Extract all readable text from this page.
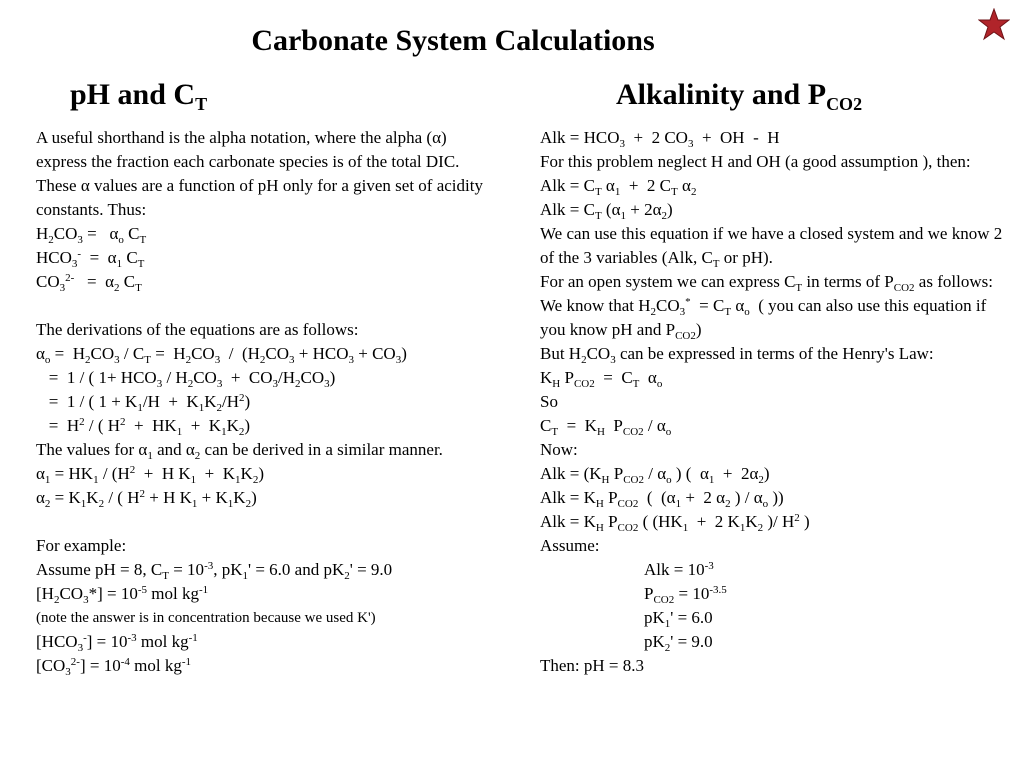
Carbonate System Calculations
pH and $C_T$	Alkalinity and $P_{CO2}$
A useful shorthand is the alpha notation, where the alpha (α) express the fraction each carbonate species is of the total DIC. These α values are a function of pH only for a given set of acidity constants. Thus:
$H_2CO_3 = \alpha_o$ $C_T$
$HCO_3^- = \alpha_1$ $C_T$
$CO_3^{2-} = \alpha_2$ $C_T$
The derivations of the equations are as follows:
$\alpha_o = H_2CO_3 / C_T = H_2CO_3 / (H_2CO_3 + HCO_3 + CO_3)$
=  1 / ( $1+ HCO_3 / H_2CO_3 + CO_3/H_2CO_3$)
=  1 / ( $1 + K_1/H + K_1K_2/H^2$)
=  $H^2$ / ( $H^2 + HK_1 + K_1K_2$)
The values for $\alpha_1$ and $\alpha_2$ can be derived in a similar manner.
$\alpha_1 = HK_1 / (H^2 + H$ $K_1 + K_1K_2$)
$\alpha_2 = K_1K_2$ / ( $H^2 + H$ $K_1 + K_1K_2$)
For example:
Assume pH = 8, $C_T = 10^{-3}$, $pK_1' = 6.0$ and $pK_2' = 9.0$
$[H_2CO_3*] = 10^{-5}$ mol $kg^{-1}$
(note the answer is in concentration because we used K')
$[HCO_3^-] = 10^{-3}$ mol $kg^{-1}$
$[CO_3^{2-}] = 10^{-4}$ mol $kg^{-1}$
Alk = $HCO_3 + 2$ $CO_3$  +  OH  -  H
For this problem neglect H and OH (a good assumption ), then:
Alk = $C_T$ $\alpha_1 + 2$ $C_T$ $\alpha_2$
Alk = $C_T$ $(\alpha_1 + 2\alpha_2)$
We can use this equation if we have a closed system and we know 2 of the 3 variables (Alk, $C_T$ or pH).
For an open system we can express $C_T$ in terms of $P_{CO2}$ as follows:
We know that $H_2CO_3^* = C_T$ $\alpha_o$  ( you can also use this equation if you know pH and $P_{CO2}$)
But $H_2CO_3$ can be expressed in terms of the Henry's Law:
$K_H$ $P_{CO2} = C_T$  $\alpha_o$
So
$C_T = K_H$  $P_{CO2} / \alpha_o$
Now:
Alk = ($K_H$ $P_{CO2} / \alpha_o$ ) (  $\alpha_1 + 2\alpha_2$)
Alk = $K_H$ $P_{CO2}$  (  ($\alpha_1 + 2$ $\alpha_2$ ) / $\alpha_o$ ))
Alk = $K_H$ $P_{CO2}$ ( ($HK_1 + 2$ $K_1K_2$ )/ $H^2$ )
Assume:
Alk = $10^{-3}$
$P_{CO2} = 10^{-3.5}$
$pK_1' = 6.0$
$pK_2' = 9.0$
Then: pH = 8.3
